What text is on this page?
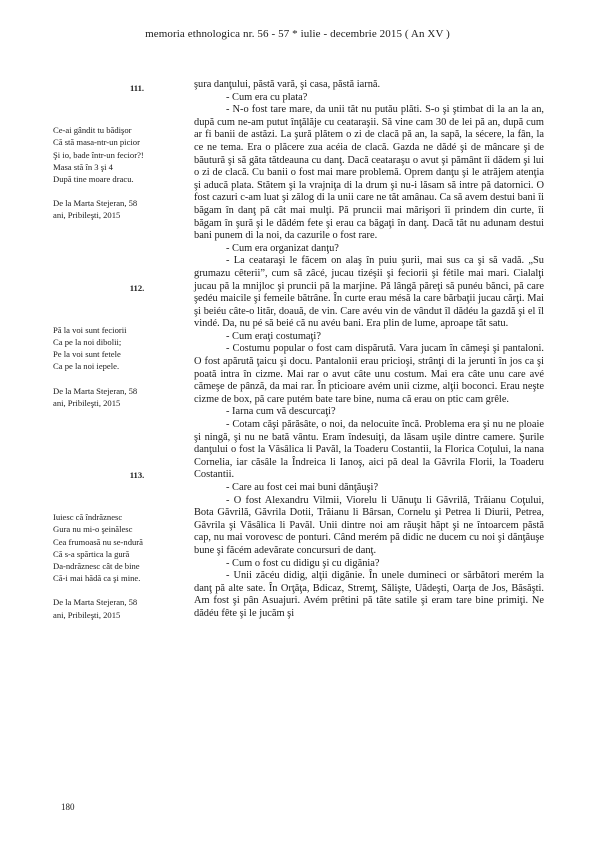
memoria ethnologica nr. 56 - 57 * iulie - decembrie 2015 ( An XV )
111.
Ce-ai gândit tu bădişor
Că stă masa-ntr-un picior
Şi io, bade într-un fecior?!
Masa stă în 3 şi 4
După tine moare dracu.
De la Marta Stejeran, 58
ani, Pribileşti, 2015
112.
Pă la voi sunt feciorii
Ca pe la noi dibolii;
Pe la voi sunt fetele
Ca pe la noi iepele.
De la Marta Stejeran, 58
ani, Pribileşti, 2015
113.
Iuiesc că îndrăznesc
Gura nu mi-o şeinălesc
Cea frumoasă nu se-ndură
Că s-a spărtica la gură
Da-ndrăznesc cât de bine
Că-i mai hădă ca şi mine.
De la Marta Stejeran, 58
ani, Pribileşti, 2015

şura danţului, păstă vară, şi casa, păstă iarnă.

- Cum era cu plata?

- N-o fost tare mare, da unii tăt nu putău plăti. S-o şi ştimbat di la an la an, după cum ne-am putut înţălăje cu ceataraşii. Să vine cam 30 de lei pă an, după cum ar fi banii de astăzi. La şură plătem o zi de clacă pă an, la sapă, la sécere, la fân, la ce ne tema. Era o plăcere zua acéia de clacă. Gazda ne dădé şi de mâncare şi de băutură şi să găta tătdeauna cu danţ. Dacă ceataraşu o avut şi pământ îi dădem şi lui o zi de clacă. Cu banii o fost mai mare problemă. Oprem danţu şi le atrăjem atenţia şi aducă plata. Stătem şi la vrajniţa di la drum şi nu-i lăsam să intre pă datornici. O fost cazuri c-am luat şi zălog di la unii care ne tăt amânau. Ca să avem destui bani îi băgam în danţ pă cât mai mulţi. Pă pruncii mai mărişori îi prindem din curte, îi băgam în şură şi le dădém fete şi erau ca băgaţi în danţ. Dacă tăt nu adunam destui bani punem di la noi, da cazurile o fost rare.

- Cum era organizat danţu?

- La ceataraşi le făcem on alaş în puiu şurii, mai sus ca şi să vadă. „Su grumazu cêterii”, cum să zâcé, jucau tizéşii şi feciorii şi fétile mai mari. Cialalţi jucau pă la mnijloc şi pruncii pă la marjine. Pă lângă păreţi să punéu bănci, pă care şedéu maicile şi femeile bătrâne. În curte erau mésă la care bărbaţii jucau cărţi. Mai şi beiéu câte-o lităr, doauă, de vin. Care avéu vin de vândut îl dădéu la gazdă şi el îl vindé. Da, nu pé să beié că nu avéu bani. Era plin de lume, aproape tăt satu.

- Cum eraţi costumaţi?

- Costumu popular o fost cam dispărută. Vara jucam în cămeşi şi pantaloni. O fost apărută ţaicu şi docu. Pantalonii erau pricioşi, strânţi di la jerunti în jos ca şi poată intra în cizme. Mai rar o avut câte unu costum. Mai era câte unu care avé cămeşe de pânză, da mai rar. În pticioare avém unii cizme, alţii boconci. Erau neşte cizme de box, pă care putém bate tare bine, numa că erau on ptic cam grêle.

- Iarna cum vă descurcaţi?

- Cotam căşi părăsâte, o noi, da nelocuite încă. Problema era şi nu ne ploaie şi ningă, şi nu ne bată vântu. Eram îndesuiţi, da lăsam uşile dintre camere. Şurile danţului o fost la Văsâlica li Pavăl, la Toaderu Costantii, la Florica Coţului, la nana Cornelia, iar căsâle la Îndreica li Ianoş, aici pă deal la Găvrila Florii, la Toaderu Costantii.

- Care au fost cei mai buni dănţăuşi?

- O fost Alexandru Vilmii, Viorelu li Uănuţu li Găvrilă, Trăianu Coţului, Bota Găvrilă, Găvrila Dotii, Trăianu li Bârsan, Cornelu şi Petrea li Diurii, Petrea, Găvrila şi Văsâlica li Pavăl. Unii dintre noi am răuşit hăpt şi ne întoarcem păstă cap, nu mai vorovesc de ponturi. Când merém pă didic ne ducem cu noi şi dănţăuşe bune şi făcém adevărate concursuri de danţ.

- Cum o fost cu didigu şi cu digănia?

- Unii zăcéu didig, alţii digănie. În unele dumineci or sărbători merém la danţ pă alte sate. În Orţăţa, Bdicaz, Stremţ, Sălişte, Uădeşti, Oarţa de Jos, Băsăşti. Am fost şi pân Asuajuri. Avém prêtini pă tăte satile şi eram tare bine primiţi. Ne dădéu fête şi le jucăm şi

180
